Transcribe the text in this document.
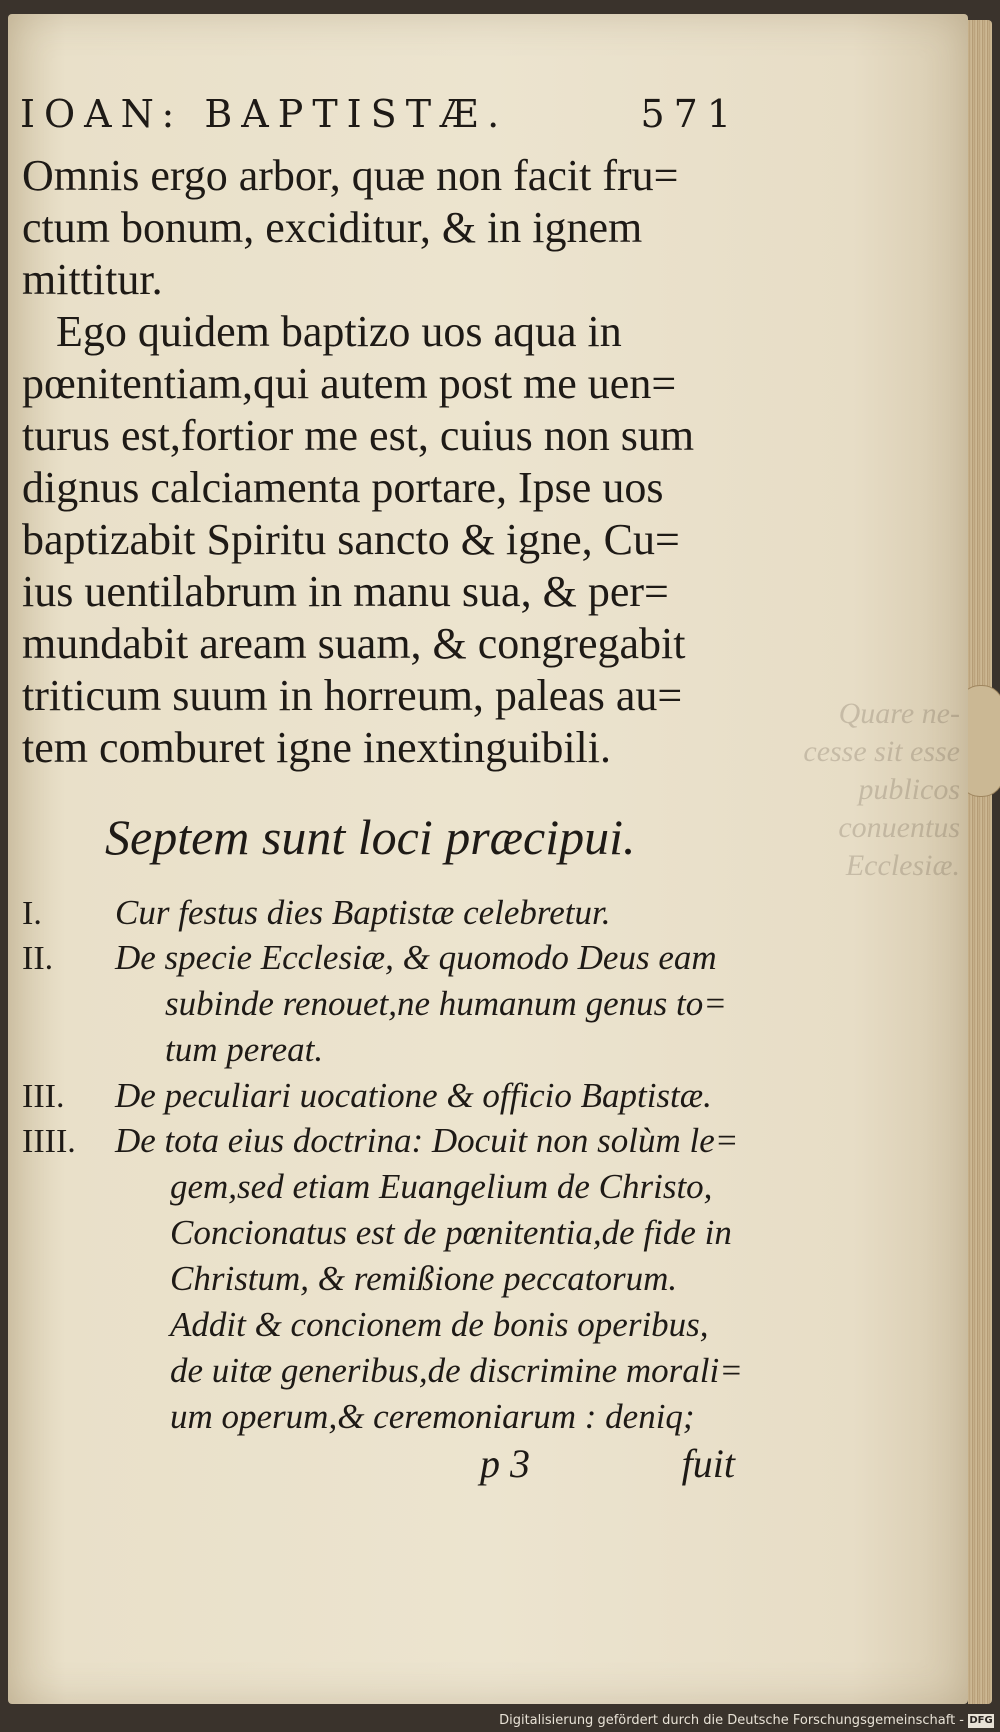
Quare ne-
cesse sit esse
publicos
conuentus
Ecclesiæ.
IOAN: BAPTISTÆ.	571
Omnis ergo arbor, quæ non facit fru=
ctum bonum, exciditur, & in ignem
mittitur.
Ego quidem baptizo uos aqua in
pœnitentiam,qui autem post me uen=
turus est,fortior me est, cuius non sum
dignus calciamenta portare, Ipse uos
baptizabit Spiritu sancto & igne, Cu=
ius uentilabrum in manu sua, & per=
mundabit aream suam, & congregabit
triticum suum in horreum, paleas au=
tem comburet igne inextinguibili.
Septem sunt loci præcipui.
I. Cur festus dies Baptistæ celebretur.
II. De specie Ecclesiæ, & quomodo Deus eam
subinde renouet,ne humanum genus to=
tum pereat.
III. De peculiari uocatione & officio Baptistæ.
IIII. De tota eius doctrina: Docuit non solùm le=
gem,sed etiam Euangelium de Christo,
Concionatus est de pœnitentia,de fide in
Christum, & remißione peccatorum.
Addit & concionem de bonis operibus,
de uitæ generibus,de discrimine morali=
um operum,& ceremoniarum : deniq;
p 3	fuit
Digitalisierung gefördert durch die Deutsche Forschungsgemeinschaft - DFG
